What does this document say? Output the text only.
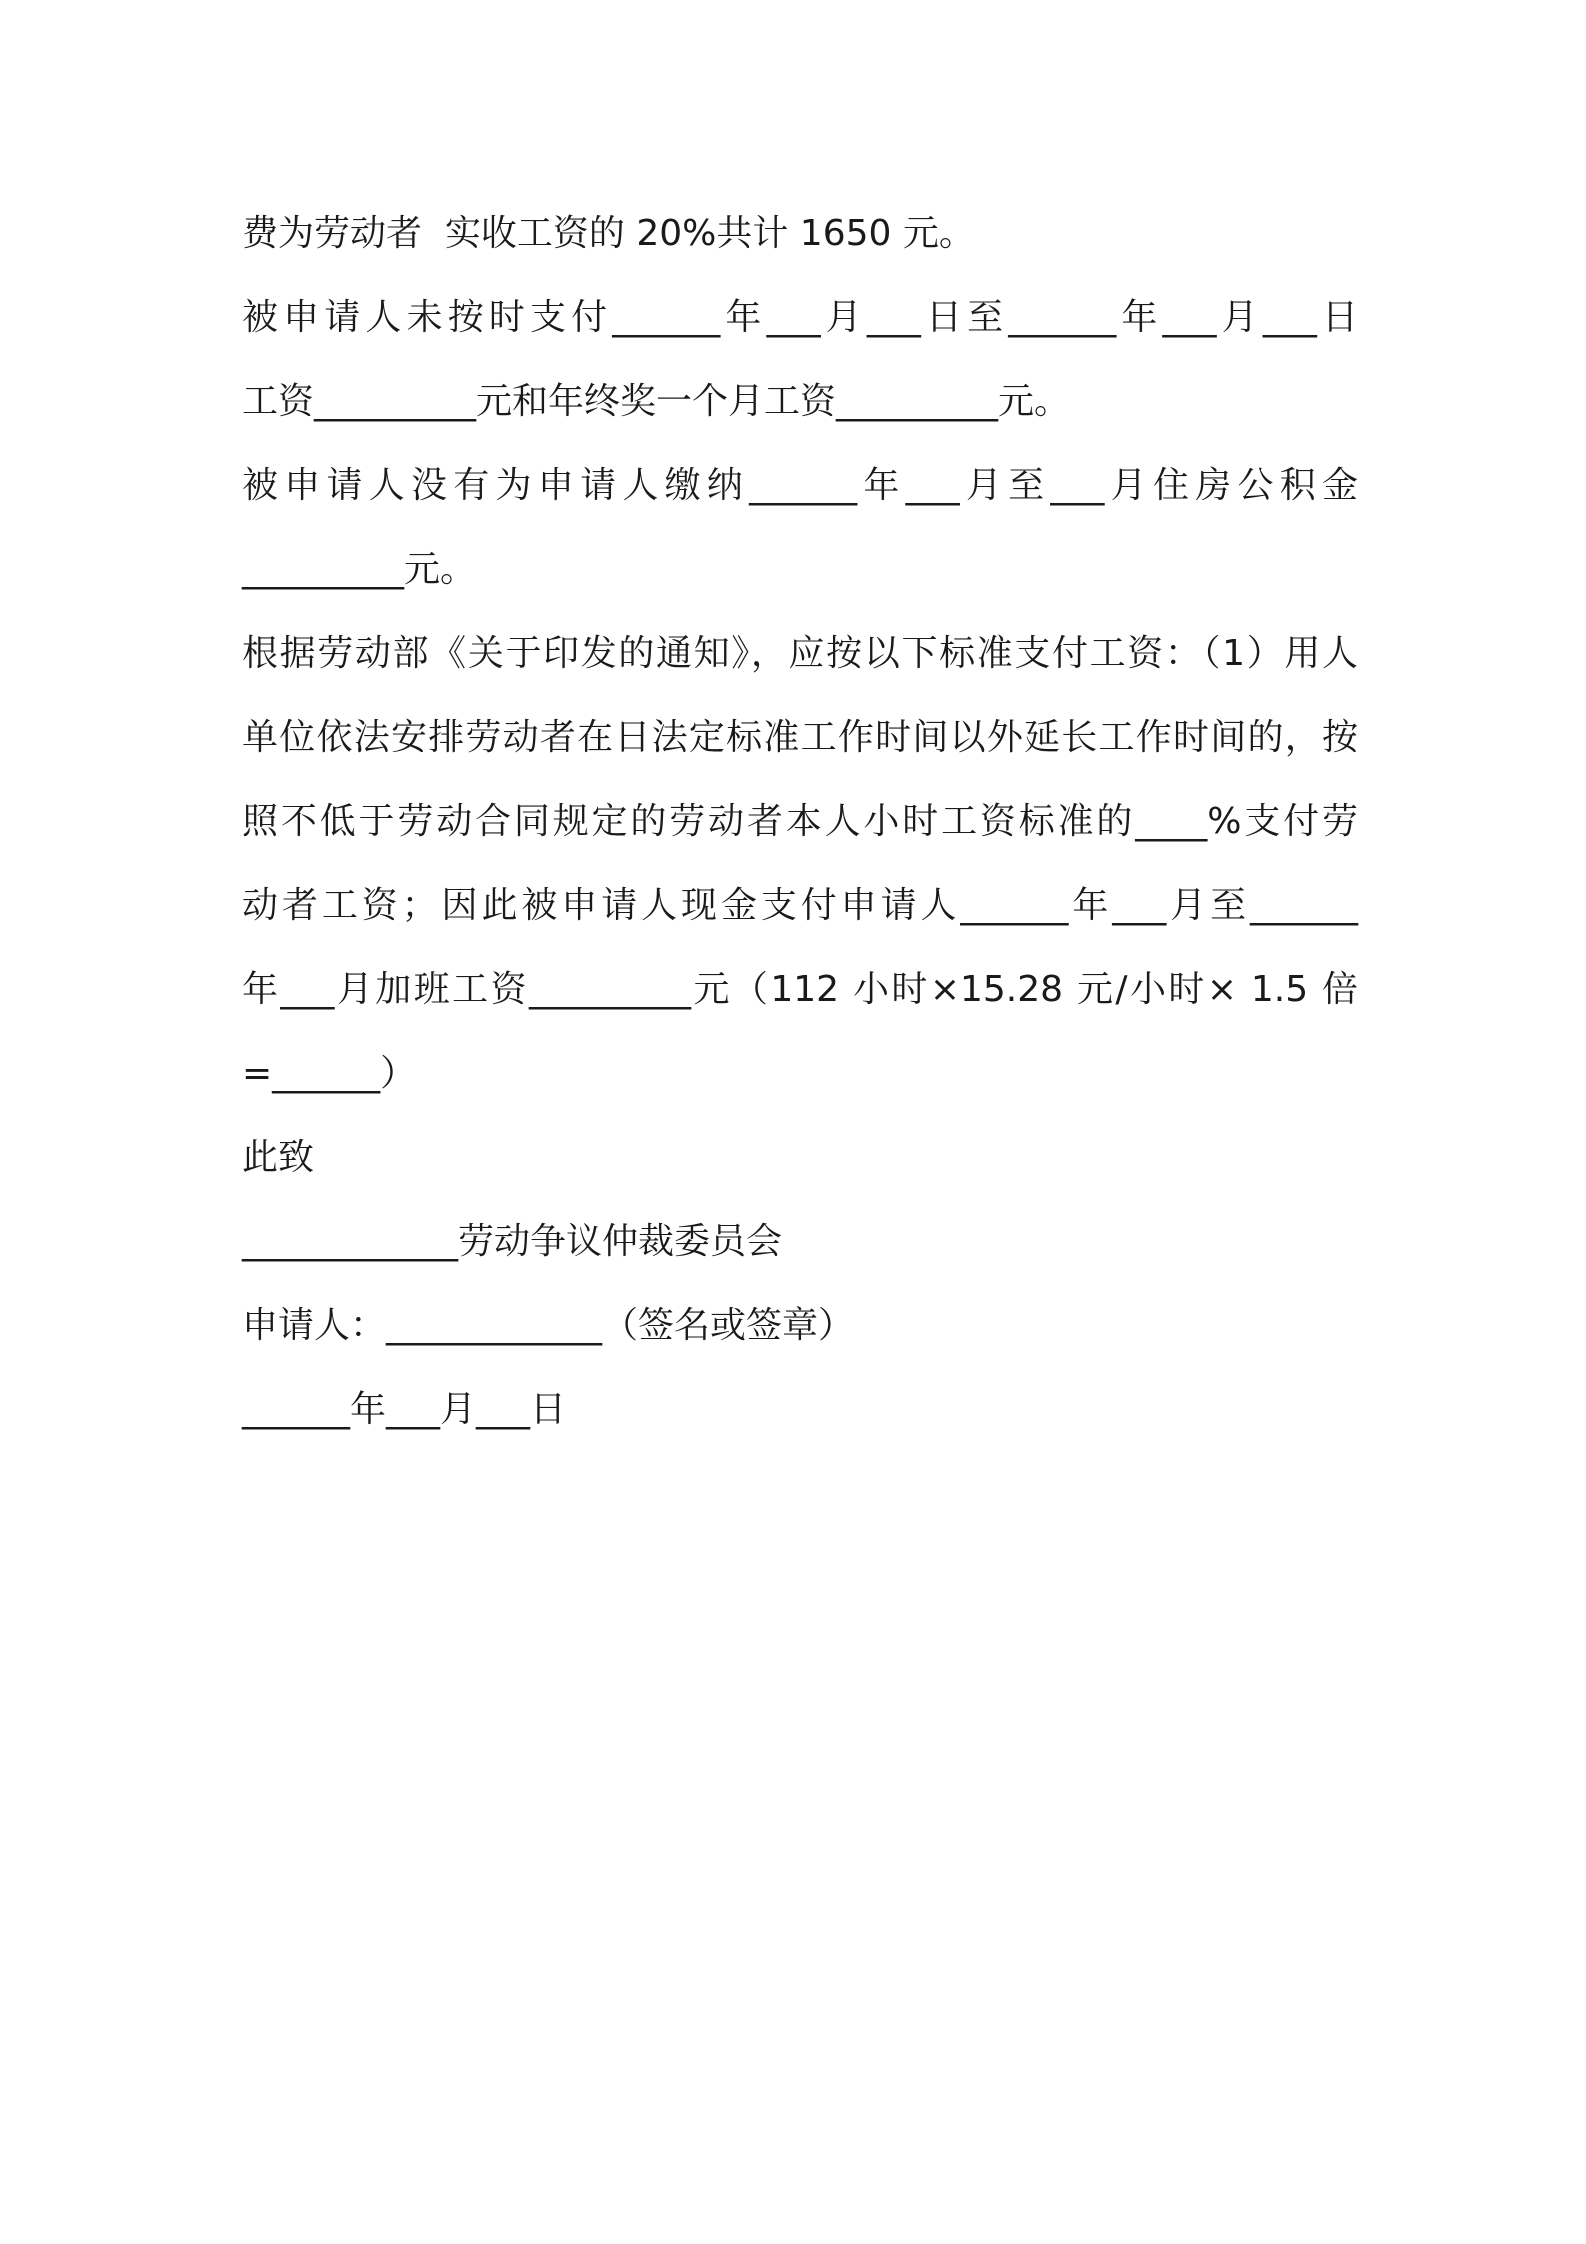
费为劳动者  实收工资的 20%共计 1650 元。
被申请人未按时支付______年___月___日至______年___月___日
工资_________元和年终奖一个月工资_________元。
被申请人没有为申请人缴纳______年___月至___月住房公积金
_________元。
根据劳动部《关于印发的通知》，应按以下标准支付工资：（1）用人
单位依法安排劳动者在日法定标准工作时间以外延长工作时间的，按
照不低于劳动合同规定的劳动者本人小时工资标准的____%支付劳
动者工资；因此被申请人现金支付申请人______年___月至______
年___月加班工资_________元（112 小时×15.28 元/小时× 1.5 倍
=______）
此致
____________劳动争议仲裁委员会
申请人：____________（签名或签章）
______年___月___日
